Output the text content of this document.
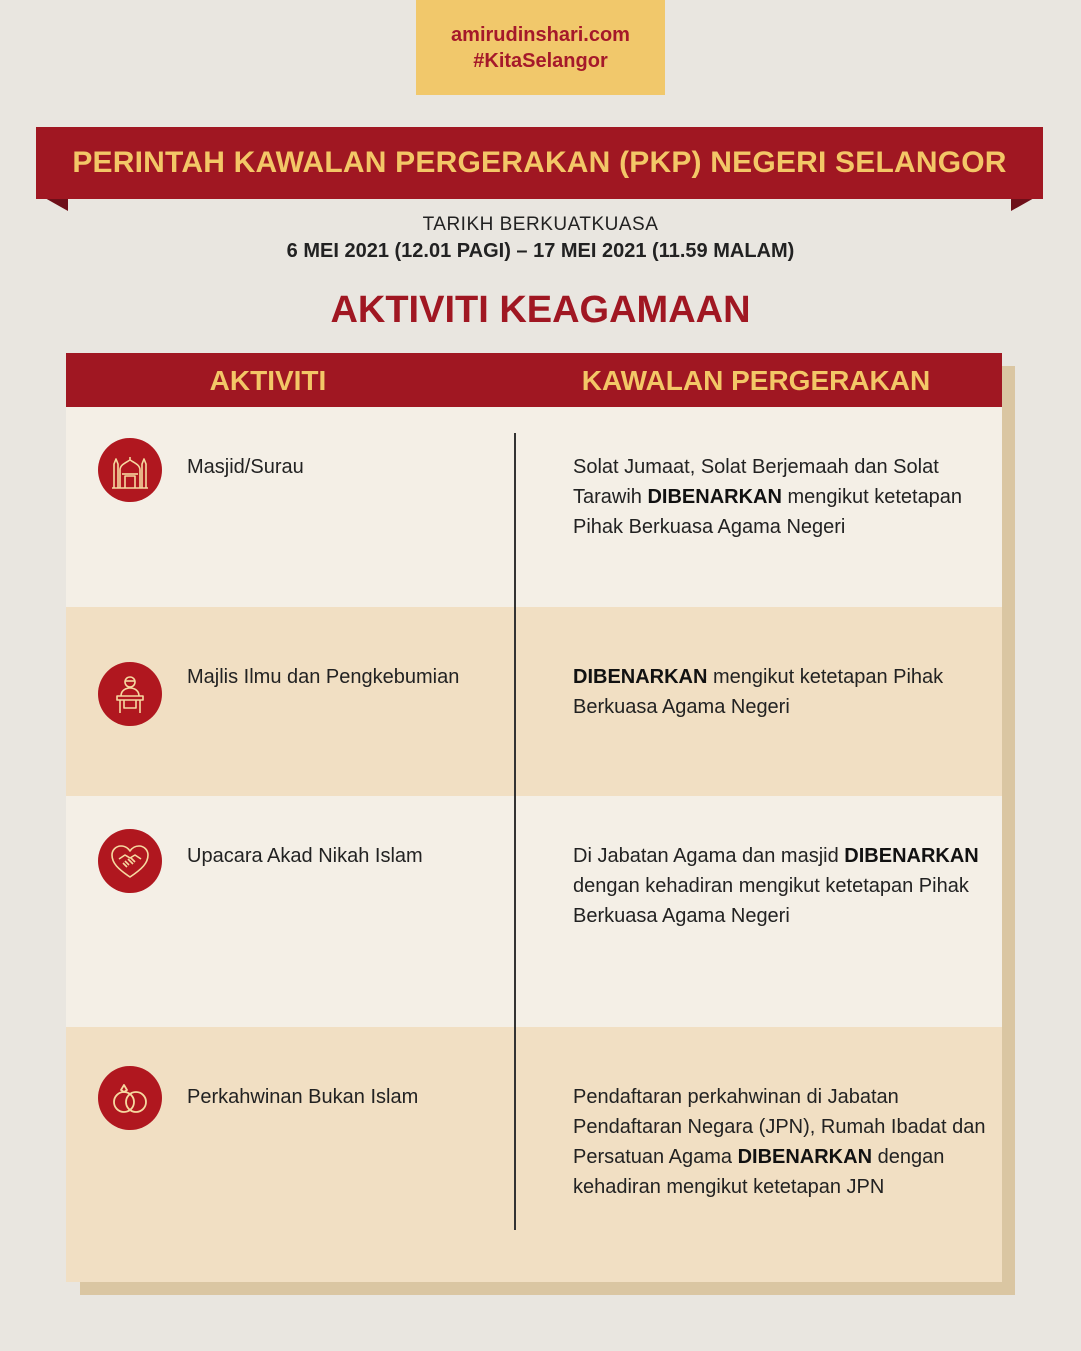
amirudinshari.com
#KitaSelangor
PERINTAH KAWALAN PERGERAKAN (PKP) NEGERI SELANGOR
TARIKH BERKUATKUASA
6 MEI 2021 (12.01 PAGI) – 17 MEI 2021 (11.59 MALAM)
AKTIVITI KEAGAMAAN
AKTIVITI	KAWALAN PERGERAKAN
Masjid/Surau	Solat Jumaat, Solat Berjemaah dan Solat Tarawih DIBENARKAN mengikut ketetapan Pihak Berkuasa Agama Negeri
Majlis Ilmu dan Pengkebumian	DIBENARKAN mengikut ketetapan Pihak Berkuasa Agama Negeri
Upacara Akad Nikah Islam	Di Jabatan Agama dan masjid DIBENARKAN dengan kehadiran mengikut ketetapan Pihak Berkuasa Agama Negeri
Perkahwinan Bukan Islam	Pendaftaran perkahwinan di Jabatan Pendaftaran Negara (JPN), Rumah Ibadat dan Persatuan Agama DIBENARKAN dengan kehadiran mengikut ketetapan JPN
